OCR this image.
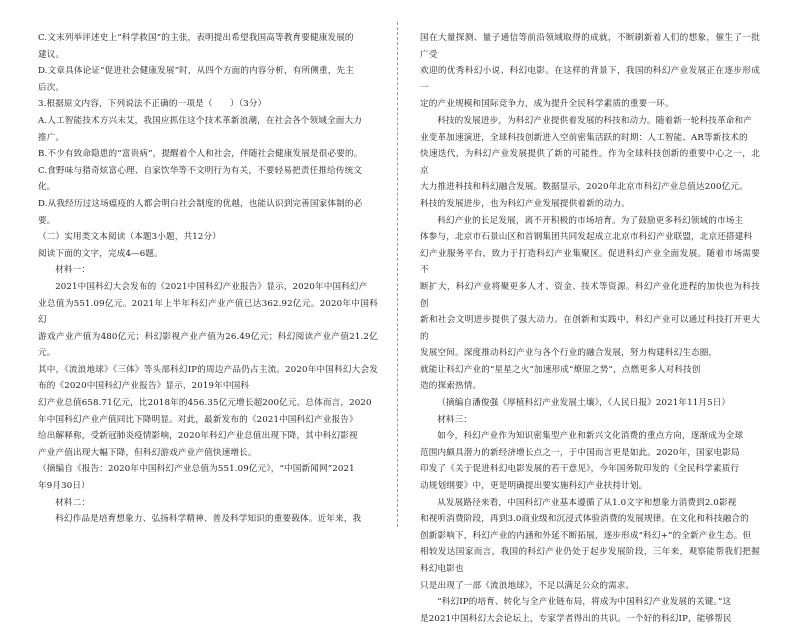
C.文末列举评述史上“科学救国”的主张，表明提出希望我国高等教育要健康发展的

建议。

D.文章具体论证“促进社会健康发展”时，从四个方面的内容分析，有所侧重，先主

后次。

3.根据原文内容，下列说法不正确的一项是（　　）（3分）

A.人工智能技术方兴未艾，我国应抓住这个技术革新浪潮，在社会各个领域全面大力

推广。

B.不少有致命隐患的“富贵病”，提醒着个人和社会，伴随社会健康发展是很必要的。

C.食野味与猎奇炫富心理、自家饮华等不文明行为有关，不要轻易把责任推给传统文

化。

D.从我经历过这场瘟疫的人都会明白社会制度的优越，也能认识到完善国家体制的必

要。

（二）实用类文本阅读（本题3小题，共12分）

阅读下面的文字，完成4—6题。

材料一：

2021中国科幻大会发布的《2021中国科幻产业报告》显示，2020年中国科幻产

业总值为551.09亿元。2021年上半年科幻产业产值已达362.92亿元。2020年中国科幻

游戏产业产值为480亿元；科幻影视产业产值为26.49亿元；科幻阅读产业产值21.2亿元。

其中，《流浪地球》《三体》等头部科幻IP的周边产品仍占主流。2020年中国科幻大会发布的《2020中国科幻产业报告》显示，2019年中国科

幻产业总值658.71亿元，比2018年的456.35亿元增长超200亿元。总体而言，2020

年中国科幻产业产值同比下降明显。对此，最新发布的《2021中国科幻产业报告》

给出解释称，受新冠肺炎疫情影响，2020年科幻产业总值出现下降，其中科幻影视

产业产值出现大幅下降，但科幻游戏产业产值快速增长。

（摘编自《报告：2020年中国科幻产业总值为551.09亿元》，“中国新闻网”2021

年9月30日）

材料二：

科幻作品是培育想象力、弘扬科学精神、普及科学知识的重要载体。近年来，我

国在大量探测、量子通信等前沿领域取得的成就，不断刷新着人们的想象，催生了一批广受

欢迎的优秀科幻小说、科幻电影。在这样的背景下，我国的科幻产业发展正在逐步形成一

定的产业规模和国际竞争力，成为提升全民科学素质的重要一环。

科技的发展进步，为科幻产业提供着发展的科技和动力。随着新一轮科技革命和产

业变革加速演进，全球科技创新进入空前密集活跃的时期：人工智能、AR等新技术的

快速迭代，为科幻产业发展提供了新的可能性。作为全球科技创新的重要中心之一，北京

大力推进科技和科幻融合发展。数据显示，2020年北京市科幻产业总值达200亿元。

科技的发展进步，也为科幻产业发展提供着新的动力。

科幻产业的长足发展，离不开积极的市场培育。为了鼓励更多科幻领域的市场主

体参与，北京市石景山区和首钢集团共同发起成立北京市科幻产业联盟，北京还搭建科

幻产业服务平台，致力于打造科幻产业集聚区。促进科幻产业全面发展。随着市场需要不

断扩大，科幻产业将聚更多人才、资金、技术等资源。科幻产业化进程的加快也为科技创

新和社会文明进步提供了强大动力。在创新和实践中，科幻产业可以通过科技打开更大的

发展空间。深度推动科幻产业与各个行业的融合发展，努力构建科幻生态圈，

就能让科幻产业的“星星之火”加速形成“燎原之势”，点燃更多人对科技创

造的探索热情。

（摘编自潘俊强《厚植科幻产业发展土壤》，《人民日报》2021年11月5日）

材料三：

如今，科幻产业作为知识密集型产业和新兴文化消费的重点方向，逐渐成为全球

范围内颇具潜力的新经济增长点之一，于中国而言更是如此。2020年，国家电影局

印发了《关于促进科幻电影发展的若干意见》，今年国务院印发的《全民科学素质行

动规划纲要》中，更是明确提出要实施科幻产业扶持计划。

从发展路径来看，中国科幻产业基本遵循了从1.0文字和想象力消费到2.0影视

和视听消费阶段，再到3.0商业级和沉浸式体验消费的发展规律。在文化和科技融合的

创新影响下，科幻产业的内涵和外延不断拓展，逐步形成“科幻+”的全新产业生态。但

相较发达国家而言，我国的科幻产业仍处于起步发展阶段，三年来，观察能帮我们把握科幻电影也

只是出现了一部《流浪地球》，不足以满足公众的需求。

“科幻IP的培育、转化与全产业链布局，将成为中国科幻产业发展的关键。”这

是2021中国科幻大会论坛上，专家学者得出的共识。一个好的科幻IP，能够帮民
